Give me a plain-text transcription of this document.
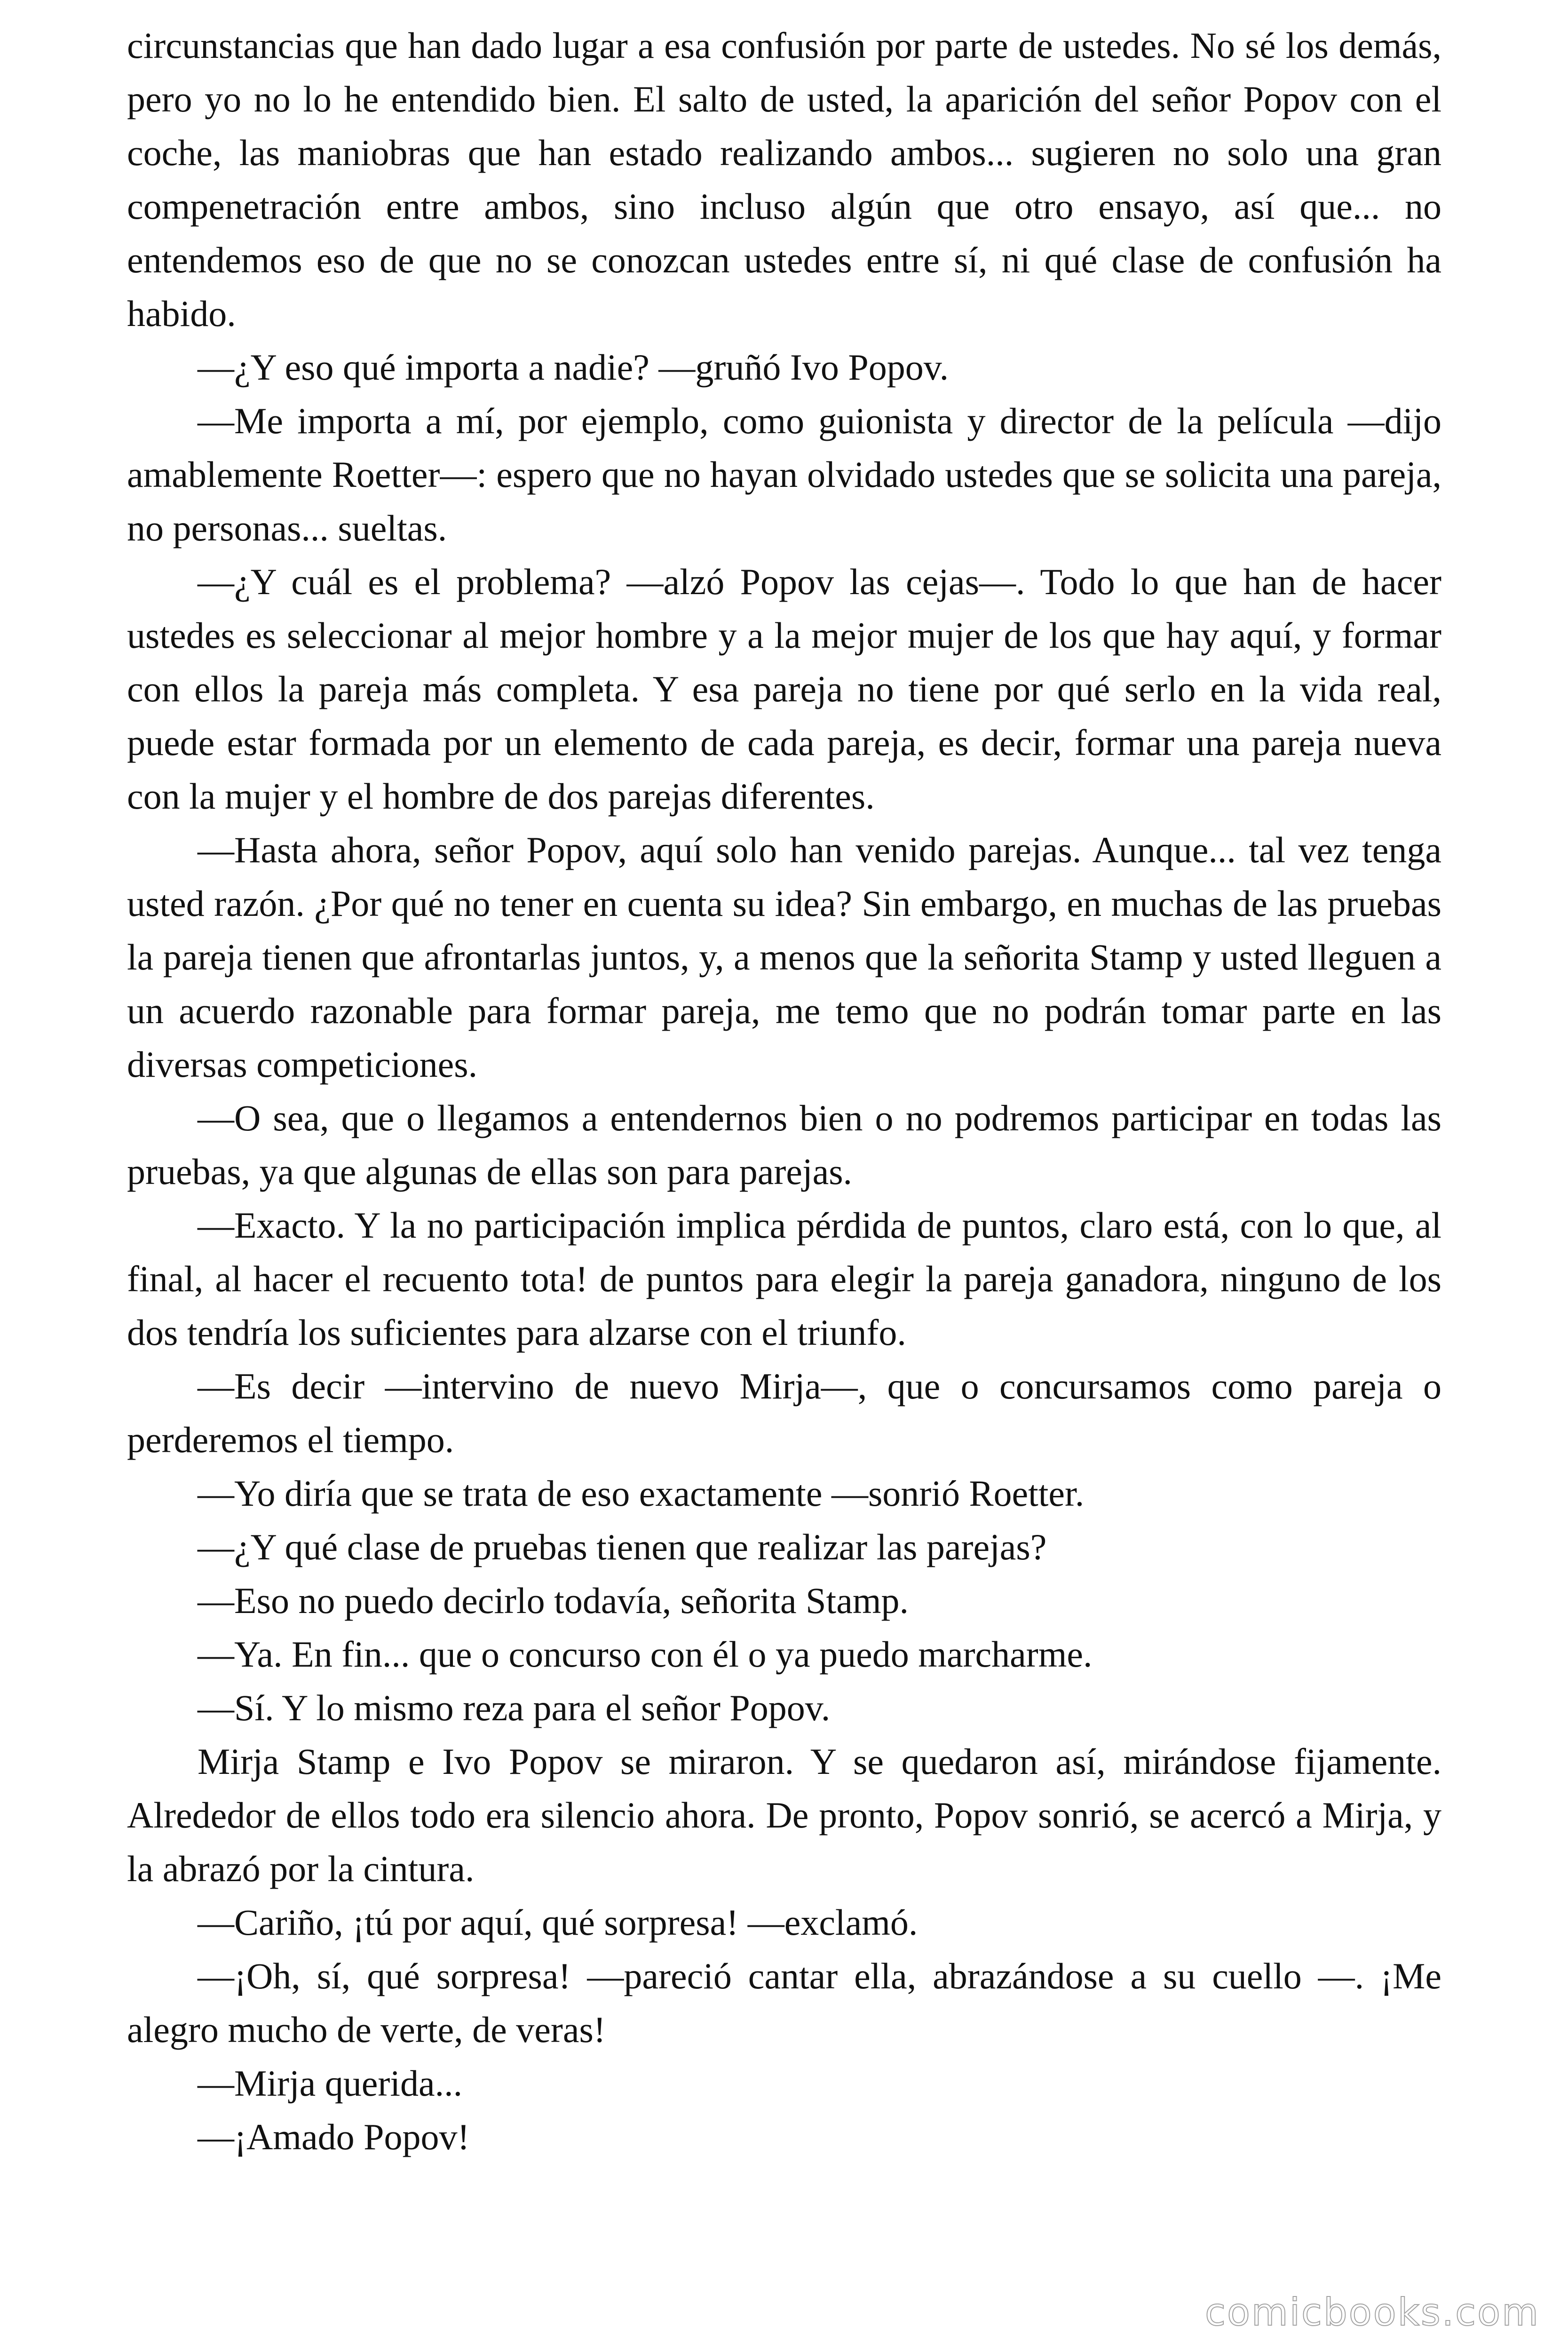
circunstancias que han dado lugar a esa confusión por parte de ustedes. No sé los demás, pero yo no lo he entendido bien. El salto de usted, la aparición del señor Popov con el coche, las maniobras que han estado realizando ambos... sugieren no solo una gran compenetración entre ambos, sino incluso algún que otro ensayo, así que... no entendemos eso de que no se conozcan ustedes entre sí, ni qué clase de confusión ha habido.

—¿Y eso qué importa a nadie? —gruñó Ivo Popov.

—Me importa a mí, por ejemplo, como guionista y director de la película —dijo amablemente Roetter—: espero que no hayan olvidado ustedes que se solicita una pareja, no personas... sueltas.

—¿Y cuál es el problema? —alzó Popov las cejas—. Todo lo que han de hacer ustedes es seleccionar al mejor hombre y a la mejor mujer de los que hay aquí, y formar con ellos la pareja más completa. Y esa pareja no tiene por qué serlo en la vida real, puede estar formada por un elemento de cada pareja, es decir, formar una pareja nueva con la mujer y el hombre de dos parejas diferentes.

—Hasta ahora, señor Popov, aquí solo han venido parejas. Aunque... tal vez tenga usted razón. ¿Por qué no tener en cuenta su idea? Sin embargo, en muchas de las pruebas la pareja tienen que afrontarlas juntos, y, a menos que la señorita Stamp y usted lleguen a un acuerdo razonable para formar pareja, me temo que no podrán tomar parte en las diversas competiciones.

—O sea, que o llegamos a entendernos bien o no podremos participar en todas las pruebas, ya que algunas de ellas son para parejas.

—Exacto. Y la no participación implica pérdida de puntos, claro está, con lo que, al final, al hacer el recuento tota! de puntos para elegir la pareja ganadora, ninguno de los dos tendría los suficientes para alzarse con el triunfo.

—Es decir —intervino de nuevo Mirja—, que o concursamos como pareja o perderemos el tiempo.

—Yo diría que se trata de eso exactamente —sonrió Roetter.

—¿Y qué clase de pruebas tienen que realizar las parejas?

—Eso no puedo decirlo todavía, señorita Stamp.

—Ya. En fin... que o concurso con él o ya puedo marcharme.

—Sí. Y lo mismo reza para el señor Popov.

Mirja Stamp e Ivo Popov se miraron. Y se quedaron así, mirándose fijamente. Alrededor de ellos todo era silencio ahora. De pronto, Popov sonrió, se acercó a Mirja, y la abrazó por la cintura.

—Cariño, ¡tú por aquí, qué sorpresa! —exclamó.

—¡Oh, sí, qué sorpresa! —pareció cantar ella, abrazándose a su cuello —. ¡Me alegro mucho de verte, de veras!

—Mirja querida...

—¡Amado Popov!

comicbooks.com
